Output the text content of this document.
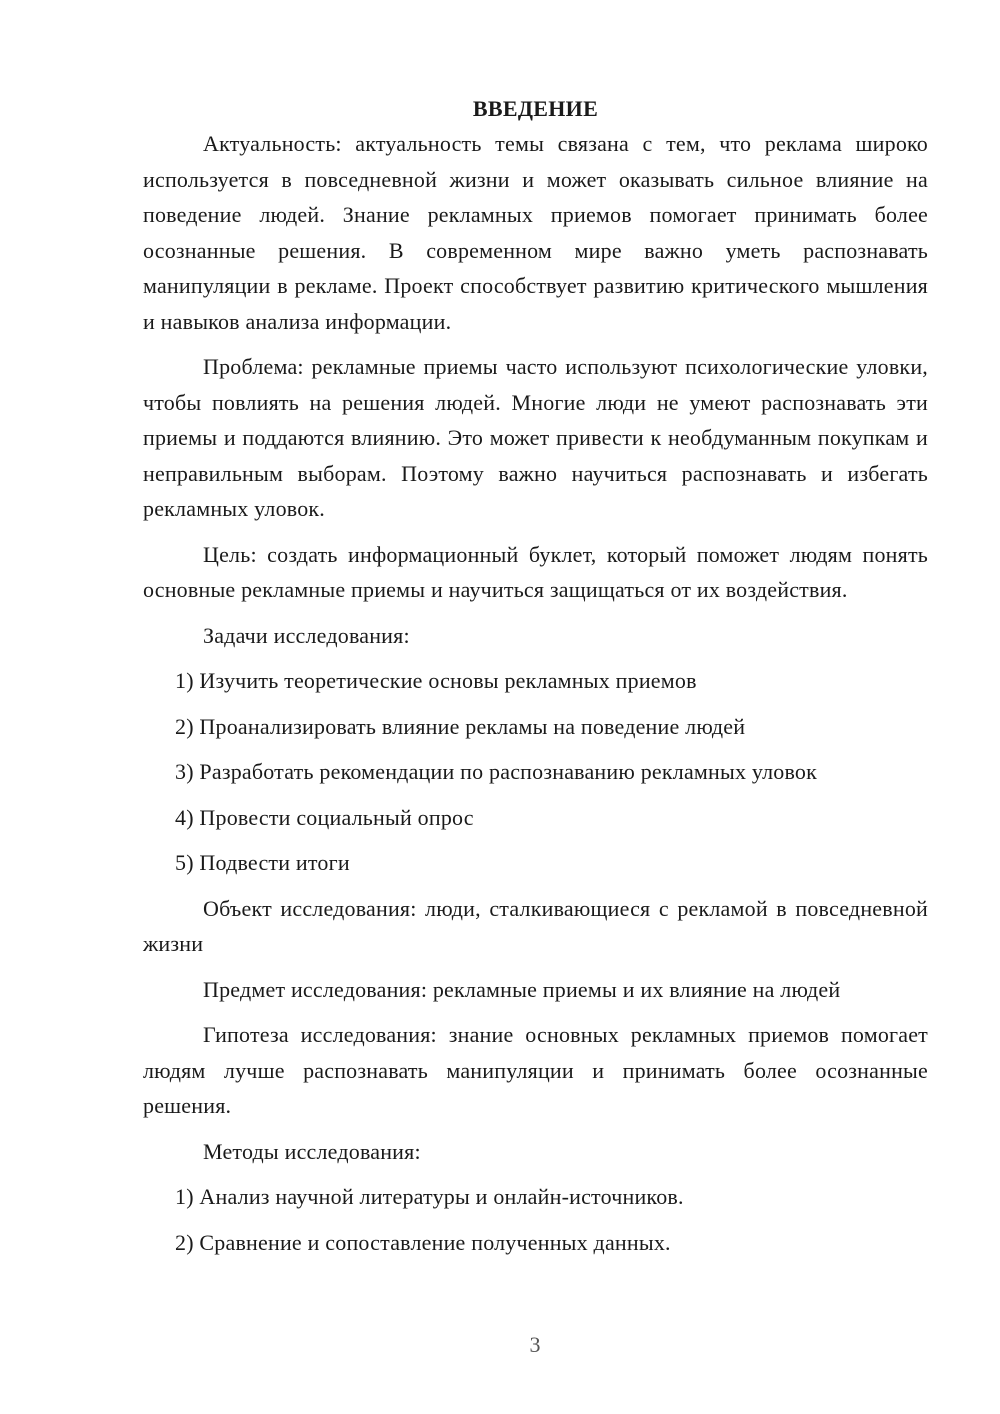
ВВЕДЕНИЕ

Актуальность: актуальность темы связана с тем, что реклама широко используется в повседневной жизни и может оказывать сильное влияние на поведение людей. Знание рекламных приемов помогает принимать более осознанные решения. В современном мире важно уметь распознавать манипуляции в рекламе. Проект способствует развитию критического мышления и навыков анализа информации.

Проблема: рекламные приемы часто используют психологические уловки, чтобы повлиять на решения людей. Многие люди не умеют распознавать эти приемы и поддаются влиянию. Это может привести к необдуманным покупкам и неправильным выборам. Поэтому важно научиться распознавать и избегать рекламных уловок.

Цель: создать информационный буклет, который поможет людям понять основные рекламные приемы и научиться защищаться от их воздействия.

Задачи исследования:

1) Изучить теоретические основы рекламных приемов
2) Проанализировать влияние рекламы на поведение людей
3) Разработать рекомендации по распознаванию рекламных уловок
4) Провести социальный опрос
5) Подвести итоги

Объект исследования: люди, сталкивающиеся с рекламой в повседневной жизни

Предмет исследования: рекламные приемы и их влияние на людей

Гипотеза исследования: знание основных рекламных приемов помогает людям лучше распознавать манипуляции и принимать более осознанные решения.

Методы исследования:

1) Анализ научной литературы и онлайн-источников.
2) Сравнение и сопоставление полученных данных.
3
